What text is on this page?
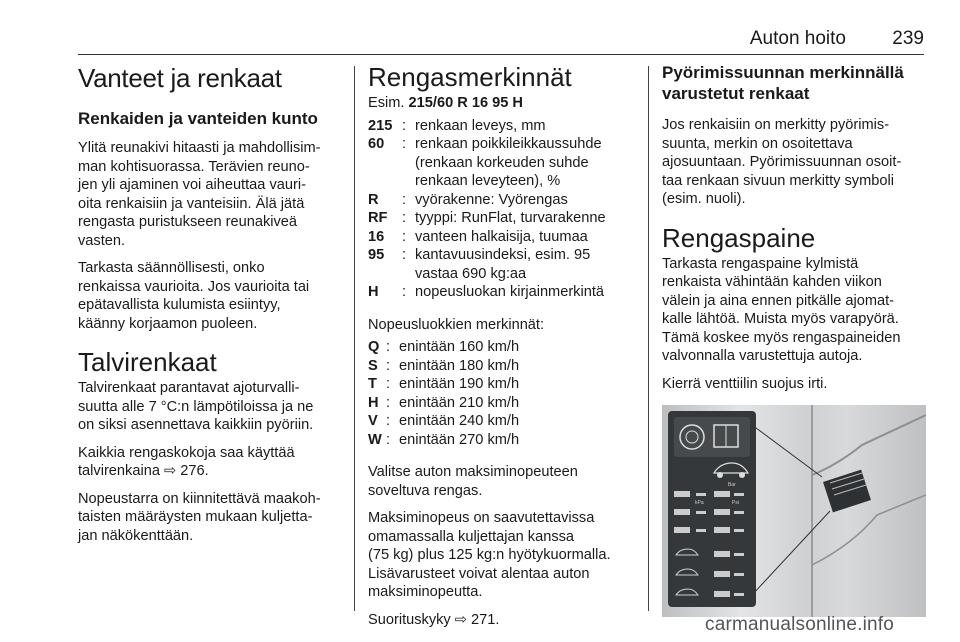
Auton hoito 239
Vanteet ja renkaat
Renkaiden ja vanteiden kunto

Ylitä reunakivi hitaasti ja mahdollisim-
man kohtisuorassa. Terävien reuno-
jen yli ajaminen voi aiheuttaa vauri-
oita renkaisiin ja vanteisiin. Älä jätä
rengasta puristukseen reunakiveä
vasten.

Tarkasta säännöllisesti, onko
renkaissa vaurioita. Jos vaurioita tai
epätavallista kulumista esiintyy,
käänny korjaamon puoleen.

Talvirenkaat

Talvirenkaat parantavat ajoturvalli-
suutta alle 7 °C:n lämpötiloissa ja ne
on siksi asennettava kaikkiin pyöriin.

Kaikkia rengaskokoja saa käyttää
talvirenkaina ⇨ 276.

Nopeustarra on kiinnitettävä maakoh-
taisten määräysten mukaan kuljetta-
jan näkökenttään.

Rengasmerkinnät

Esim. 215/60 R 16 95 H

215	:	renkaan leveys, mm
60	:	renkaan poikkileikkaussuhde
(renkaan korkeuden suhde
renkaan leveyteen), %
R	:	vyörakenne: Vyörengas
RF	:	tyyppi: RunFlat, turvarakenne
16	:	vanteen halkaisija, tuumaa
95	:	kantavuusindeksi, esim. 95
vastaa 690 kg:aa
H	:	nopeusluokan kirjainmerkintä

Nopeusluokkien merkinnät:

Q	:	enintään 160 km/h
S	:	enintään 180 km/h
T	:	enintään 190 km/h
H	:	enintään 210 km/h
V	:	enintään 240 km/h
W	:	enintään 270 km/h

Valitse auton maksiminopeuteen
soveltuva rengas.

Maksiminopeus on saavutettavissa
omamassalla kuljettajan kanssa
(75 kg) plus 125 kg:n hyötykuormalla.
Lisävarusteet voivat alentaa auton
maksiminopeutta.

Suorituskyky ⇨ 271.

Pyörimissuunnan merkinnällä
varustetut renkaat

Jos renkaisiin on merkitty pyörimis-
suunta, merkin on osoitettava
ajosuuntaan. Pyörimissuunnan osoit-
taa renkaan sivuun merkitty symboli
(esim. nuoli).

Rengaspaine

Tarkasta rengaspaine kylmistä
renkaista vähintään kahden viikon
välein ja aina ennen pitkälle ajomat-
kalle lähtöä. Muista myös varapyörä.
Tämä koskee myös rengaspaineiden
valvonnalla varustettuja autoja.

Kierrä venttiilin suojus irti.

kPa
Bar
Psi
carmanualsonline.info
